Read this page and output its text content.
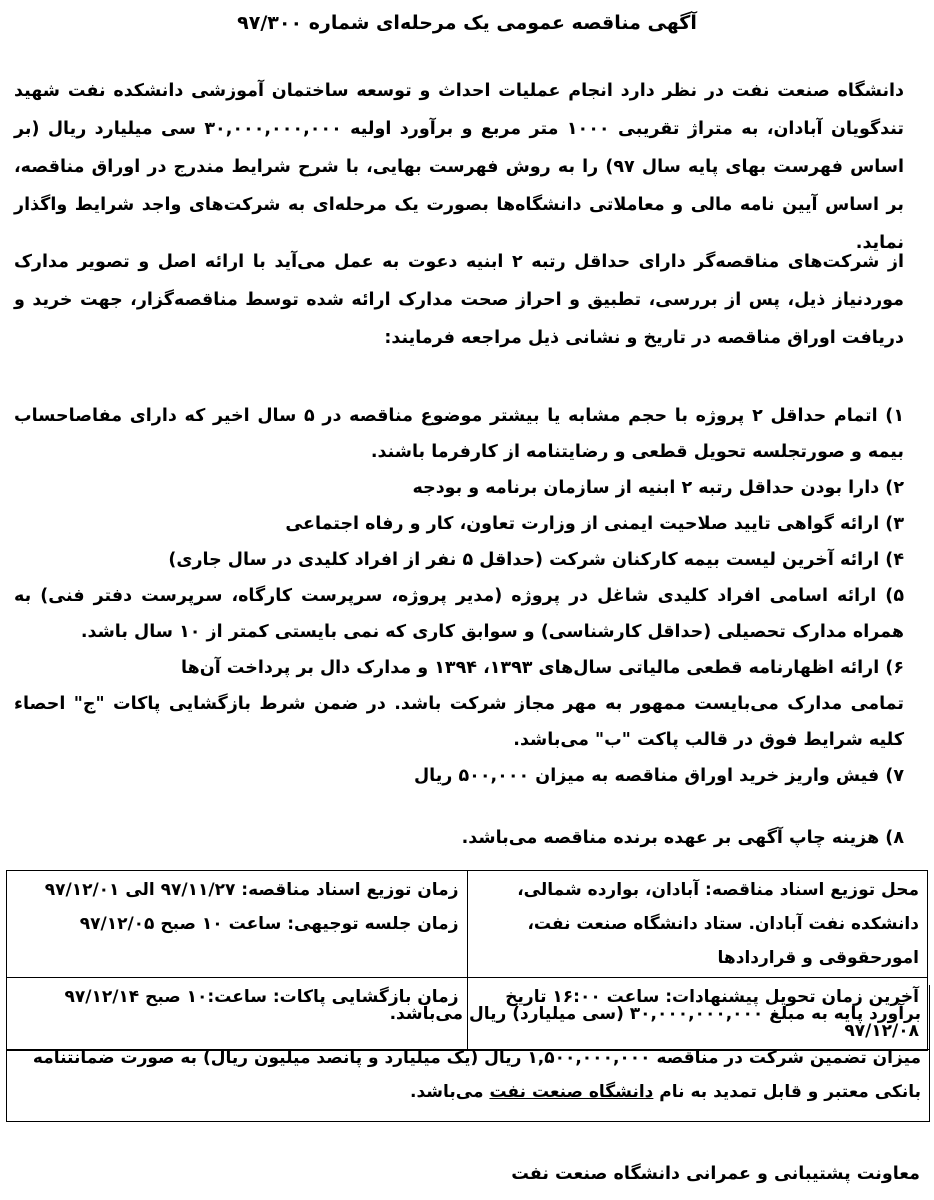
آگهی مناقصه عمومی یک مرحله‌ای شماره ۹۷/۳۰۰

دانشگاه صنعت نفت در نظر دارد انجام عملیات احداث و توسعه ساختمان آموزشی دانشکده نفت شهید تندگویان آبادان، به متراژ تقریبی ۱۰۰۰ متر مربع و برآورد اولیه ۳۰,۰۰۰,۰۰۰,۰۰۰ سی میلیارد ریال (بر اساس فهرست بهای پایه سال ۹۷) را به روش فهرست بهایی، با شرح شرایط مندرج در اوراق مناقصه، بر اساس آیین نامه مالی و معاملاتی دانشگاه‌ها بصورت یک مرحله‌ای به شرکت‌های واجد شرایط واگذار نماید.

از شرکت‌های مناقصه‌گر دارای حداقل رتبه ۲ ابنیه دعوت به عمل می‌آید با ارائه اصل و تصویر مدارک موردنیاز ذیل، پس از بررسی، تطبیق و احراز صحت مدارک ارائه شده توسط مناقصه‌گزار، جهت خرید و دریافت اوراق مناقصه در تاریخ و نشانی ذیل مراجعه فرمایند:

۱) اتمام حداقل ۲ پروژه با حجم مشابه یا بیشتر موضوع مناقصه در ۵ سال اخیر که دارای مفاصاحساب بیمه و صورتجلسه تحویل قطعی و رضایتنامه از کارفرما باشند.
۲) دارا بودن حداقل رتبه ۲ ابنیه از سازمان برنامه و بودجه
۳) ارائه گواهی تایید صلاحیت ایمنی از وزارت تعاون، کار و رفاه اجتماعی
۴) ارائه آخرین لیست بیمه کارکنان شرکت (حداقل ۵ نفر از افراد کلیدی در سال جاری)
۵) ارائه اسامی افراد کلیدی شاغل در پروژه (مدیر پروژه، سرپرست کارگاه، سرپرست دفتر فنی) به همراه مدارک تحصیلی (حداقل کارشناسی) و سوابق کاری که نمی بایستی کمتر از ۱۰ سال باشد.
۶) ارائه اظهارنامه قطعی مالیاتی سال‌های ۱۳۹۳، ۱۳۹۴ و مدارک دال بر پرداخت آن‌ها
تمامی مدارک می‌بایست ممهور به مهر مجاز شرکت باشد. در ضمن شرط بازگشایی پاکات "ج" احصاء کلیه شرایط فوق در قالب پاکت "ب" می‌باشد.
۷) فیش واریز خرید اوراق مناقصه به میزان ۵۰۰,۰۰۰ ریال
۸) هزینه چاپ آگهی بر عهده برنده مناقصه می‌باشد.
محل توزیع اسناد مناقصه: آبادان، بوارده شمالی، دانشکده نفت آبادان. ستاد دانشگاه صنعت نفت، امورحقوقی و قراردادها	زمان توزیع اسناد مناقصه: ۹۷/۱۱/۲۷ الی ۹۷/۱۲/۰۱
زمان جلسه توجیهی: ساعت ۱۰ صبح ۹۷/۱۲/۰۵

آخرین زمان تحویل پیشنهادات: ساعت ۱۶:۰۰ تاریخ ۹۷/۱۲/۰۸	زمان بازگشایی پاکات: ساعت:۱۰ صبح ۹۷/۱۲/۱۴
برآورد پایه به مبلغ ۳۰,۰۰۰,۰۰۰,۰۰۰ (سی میلیارد) ریال می‌باشد.
میزان تضمین شرکت در مناقصه ۱,۵۰۰,۰۰۰,۰۰۰ ریال (یک میلیارد و پانصد میلیون ریال) به صورت ضمانتنامه بانکی معتبر و قابل تمدید به نام دانشگاه صنعت نفت می‌باشد.
معاونت پشتیبانی و عمرانی دانشگاه صنعت نفت
